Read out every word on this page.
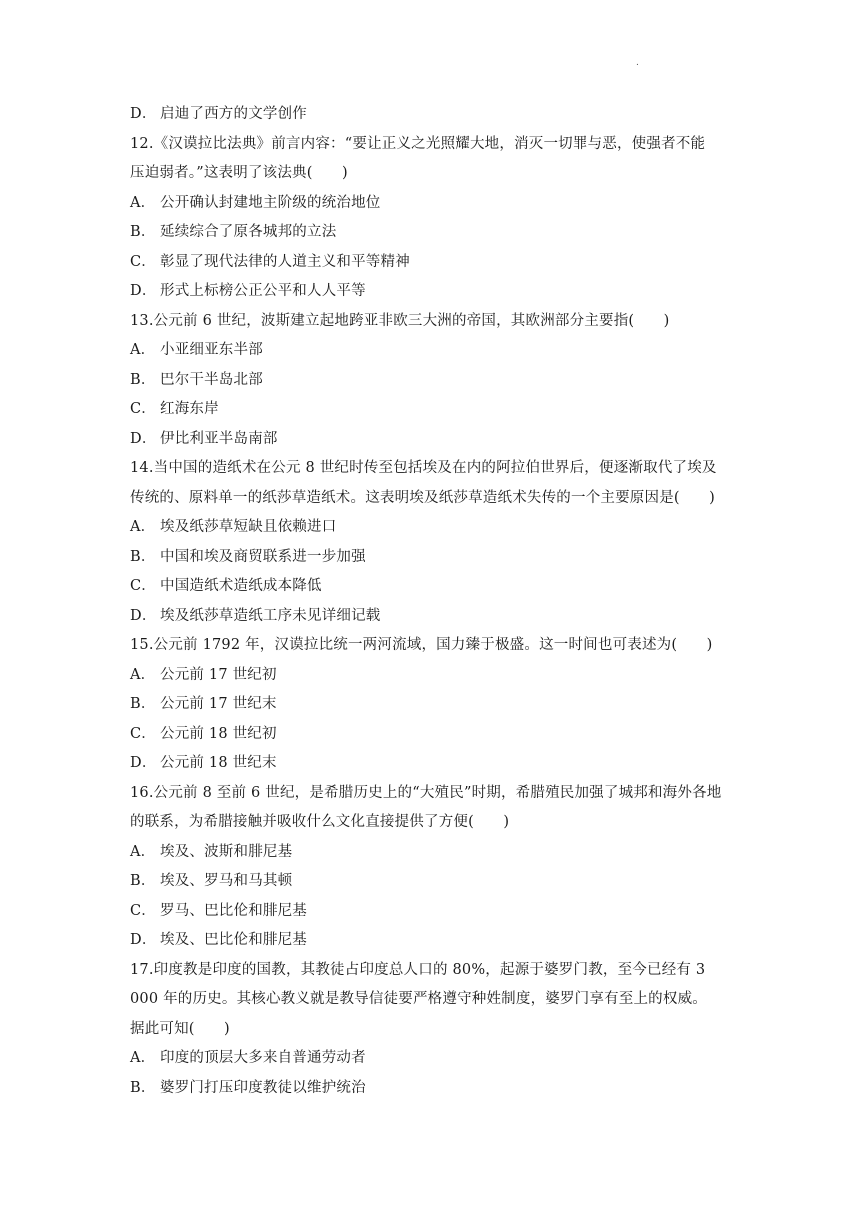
.
D． 启迪了西方的文学创作
12.《汉谟拉比法典》前言内容：“要让正义之光照耀大地，消灭一切罪与恶，使强者不能
压迫弱者。”这表明了该法典(　　)
A． 公开确认封建地主阶级的统治地位
B． 延续综合了原各城邦的立法
C． 彰显了现代法律的人道主义和平等精神
D． 形式上标榜公正公平和人人平等
13.公元前 6 世纪，波斯建立起地跨亚非欧三大洲的帝国，其欧洲部分主要指(　　)
A． 小亚细亚东半部
B． 巴尔干半岛北部
C． 红海东岸
D． 伊比利亚半岛南部
14.当中国的造纸术在公元 8 世纪时传至包括埃及在内的阿拉伯世界后，便逐渐取代了埃及
传统的、原料单一的纸莎草造纸术。这表明埃及纸莎草造纸术失传的一个主要原因是(　　)
A． 埃及纸莎草短缺且依赖进口
B． 中国和埃及商贸联系进一步加强
C． 中国造纸术造纸成本降低
D． 埃及纸莎草造纸工序未见详细记载
15.公元前 1792 年，汉谟拉比统一两河流域，国力臻于极盛。这一时间也可表述为(　　)
A． 公元前 17 世纪初
B． 公元前 17 世纪末
C． 公元前 18 世纪初
D． 公元前 18 世纪末
16.公元前 8 至前 6 世纪，是希腊历史上的“大殖民”时期，希腊殖民加强了城邦和海外各地
的联系，为希腊接触并吸收什么文化直接提供了方便(　　)
A． 埃及、波斯和腓尼基
B． 埃及、罗马和马其顿
C． 罗马、巴比伦和腓尼基
D． 埃及、巴比伦和腓尼基
17.印度教是印度的国教，其教徒占印度总人口的 80%，起源于婆罗门教，至今已经有 3
000 年的历史。其核心教义就是教导信徒要严格遵守种姓制度，婆罗门享有至上的权威。
据此可知(　　)
A． 印度的顶层大多来自普通劳动者
B． 婆罗门打压印度教徒以维护统治
